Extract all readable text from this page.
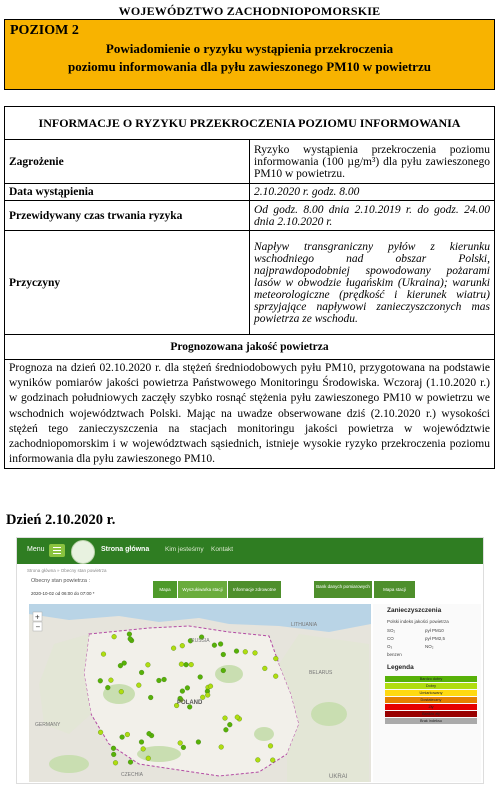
WOJEWÓDZTWO ZACHODNIOPOMORSKIE
POZIOM 2
Powiadomienie o ryzyku wystąpienia przekroczenia
poziomu informowania dla pyłu zawieszonego PM10 w powietrzu
INFORMACJE O RYZYKU PRZEKROCZENIA POZIOMU INFORMOWANIA	
Zagrożenie	Ryzyko wystąpienia przekroczenia poziomu informowania (100 µg/m³) dla pyłu zawieszonego PM10 w powietrzu.
Data wystąpienia	2.10.2020 r. godz. 8.00
Przewidywany czas trwania ryzyka	Od godz. 8.00 dnia 2.10.2019 r. do godz. 24.00 dnia 2.10.2020 r.
Przyczyny	Napływ transgraniczny pyłów z kierunku wschodniego nad obszar Polski, najprawdopodobniej spowodowany pożarami lasów w obwodzie ługańskim (Ukraina); warunki meteorologiczne (prędkość i kierunek wiatru) sprzyjające napływowi zanieczyszczonych mas powietrza ze wschodu.
Prognozowana jakość powietrza	
Prognoza na dzień 02.10.2020 r. dla stężeń średniodobowych pyłu PM10, przygotowana na podstawie wyników pomiarów jakości powietrza Państwowego Monitoringu Środowiska. Wczoraj (1.10.2020 r.) w godzinach południowych zaczęły szybko rosnąć stężenia pyłu zawieszonego PM10 w powietrzu we wschodnich województwach Polski. Mając na uwadze obserwowane dziś (2.10.2020 r.) wysokości stężeń tego zanieczyszczenia na stacjach monitoringu jakości powietrza w województwie zachodniopomorskim i w województwach sąsiednich, istnieje wysokie ryzyko przekroczenia poziomu informowania dla pyłu zawieszonego PM10.	
Dzień 2.10.2020 r.
Menu	Strona główna Kim jesteśmy Kontakt
Strona główna » Obecny stan powietrza
Obecny stan powietrza :
2020-10-02 od 06:00 do 07:00 *
Mapa	Wyszukiwarka stacji	Informacje zdrowotne
Bank danych pomiarowych
Mapa stacji
RUSSIA
LITHUANIA
BELARUS
POLAND
GERMANY
UKRAI
CZECHIA
+
−
Zanieczyszczenia
Polski indeks jakości powietrza
SO₂	pył PM10
CO	pył PM2,5
O₃	NO₂
benzen
Legenda
Bardzo dobry
Dobry
Umiarkowany
Dostateczny
Zły
Bardzo zły
Brak indeksu
